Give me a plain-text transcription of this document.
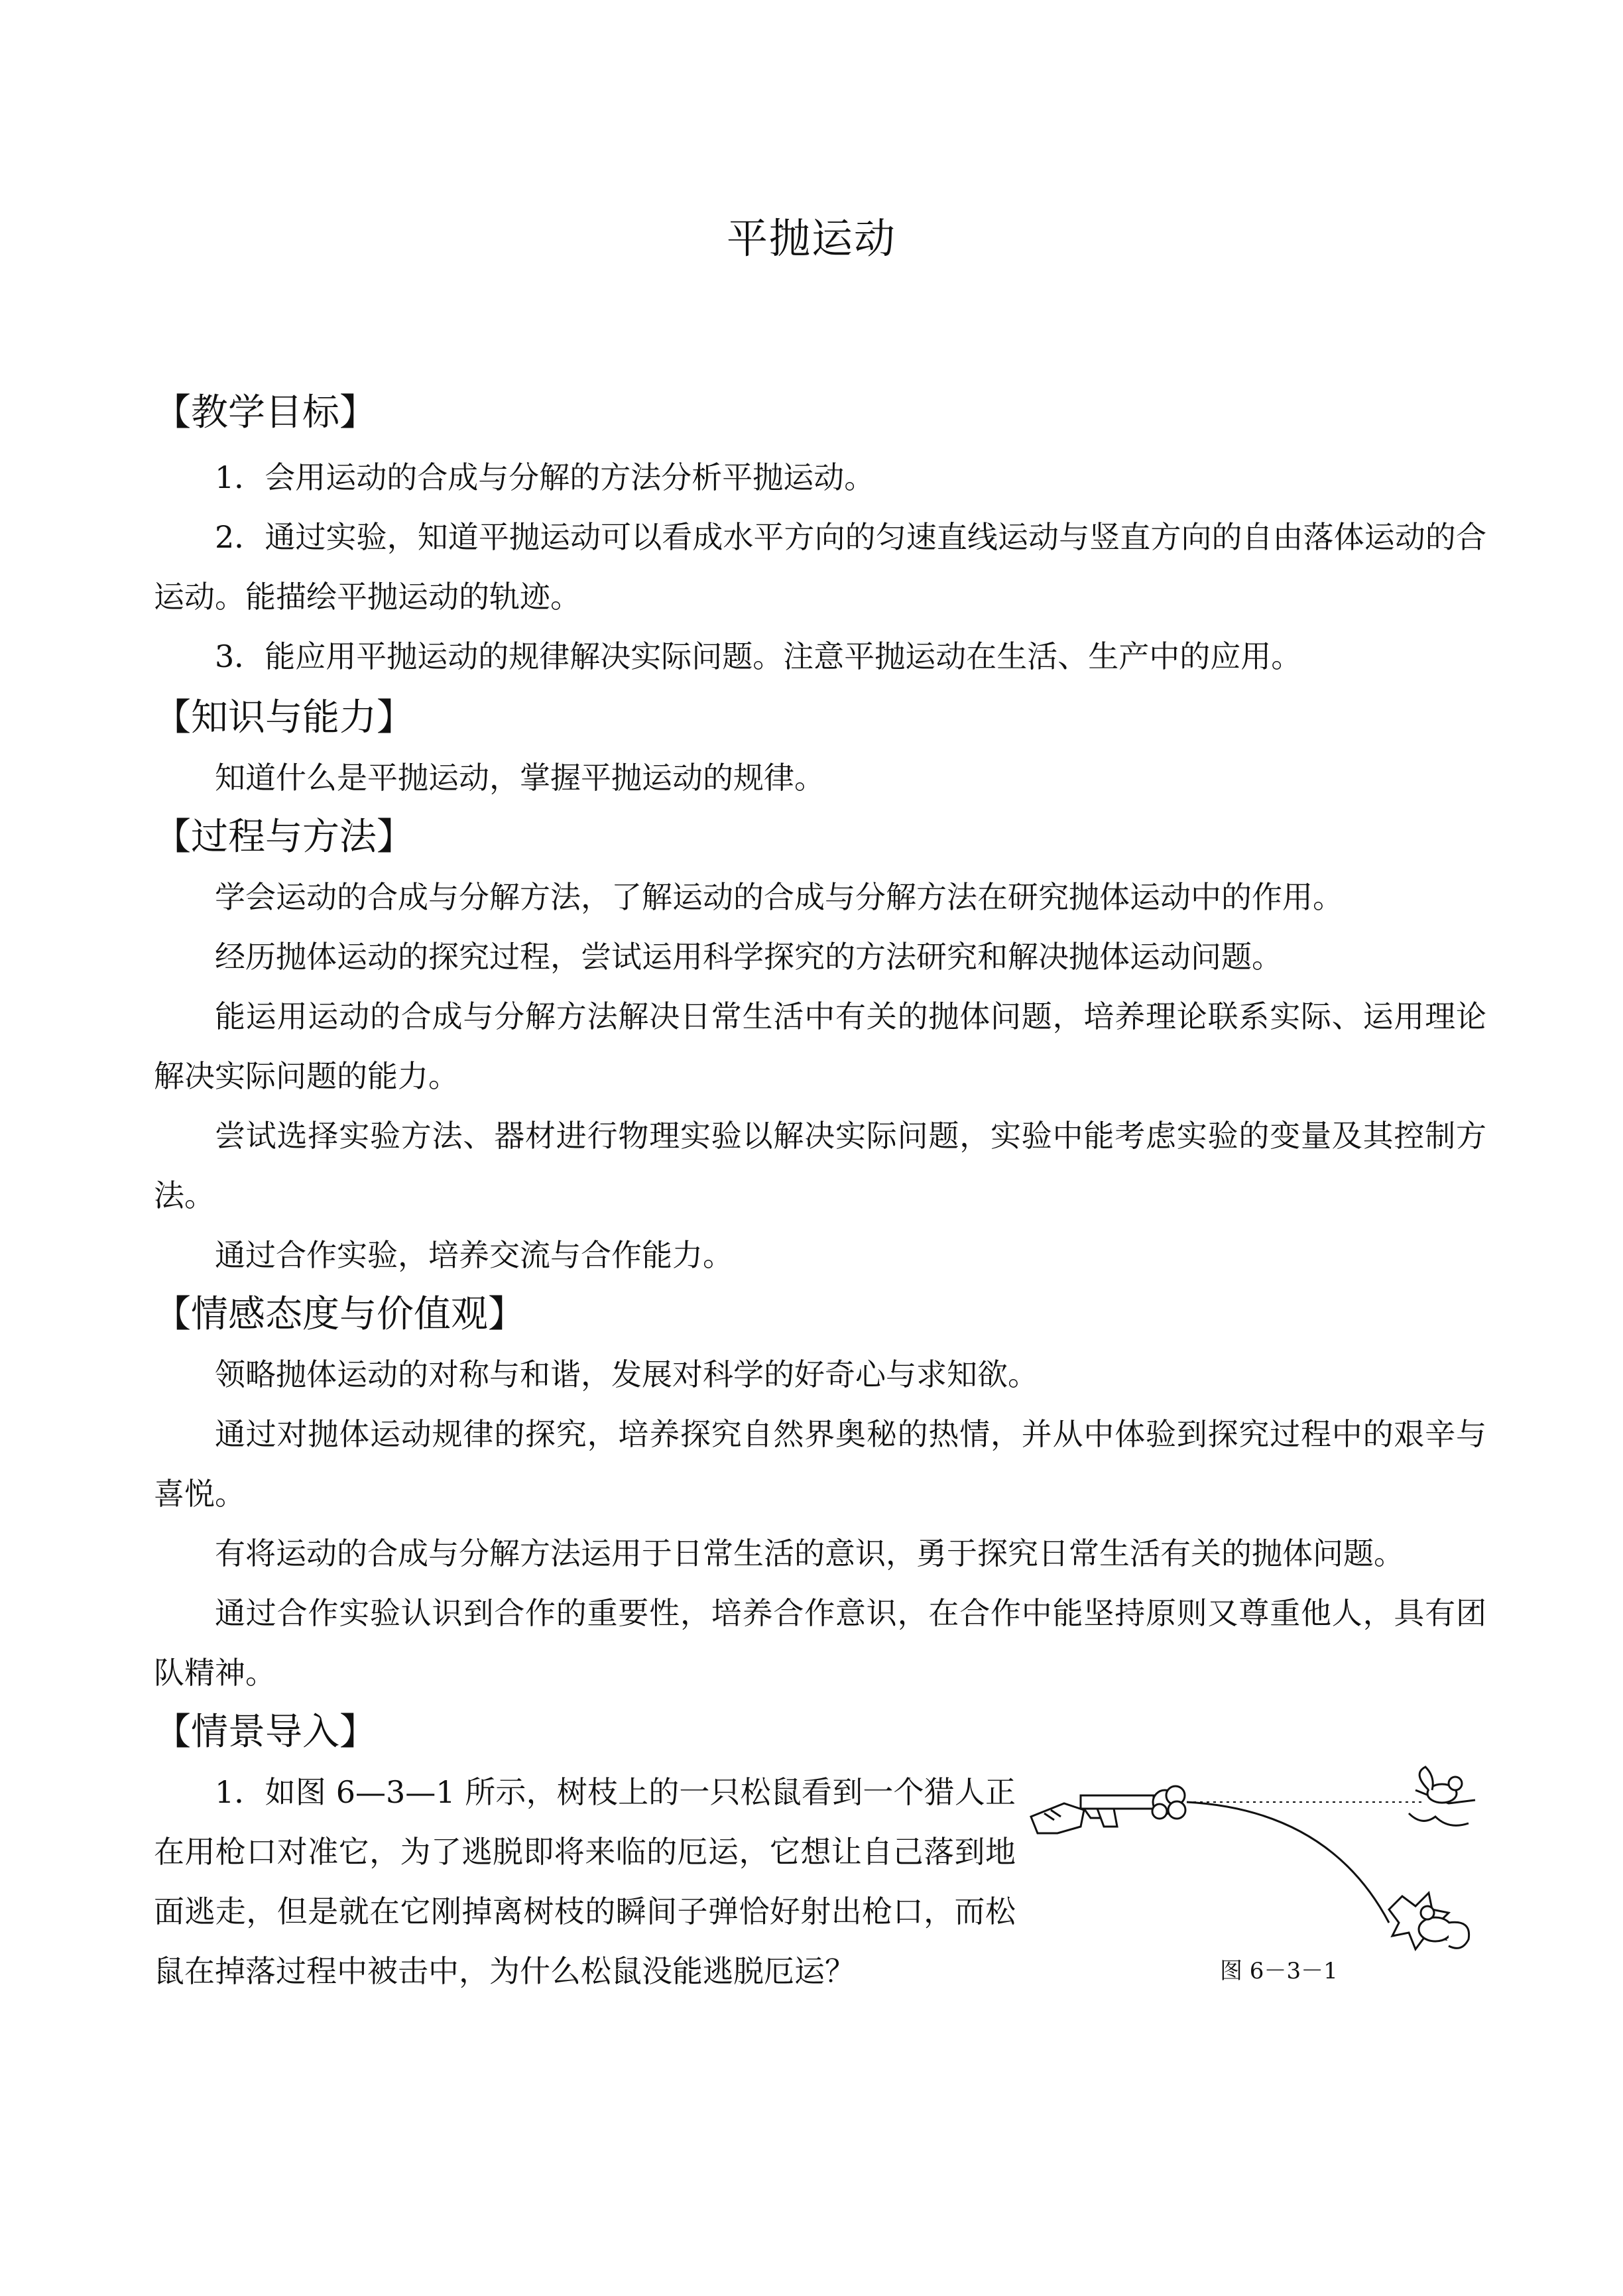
平抛运动
【教学目标】

1．会用运动的合成与分解的方法分析平抛运动。

2．通过实验，知道平抛运动可以看成水平方向的匀速直线运动与竖直方向的自由落体运动的合运动。能描绘平抛运动的轨迹。

3．能应用平抛运动的规律解决实际问题。注意平抛运动在生活、生产中的应用。

【知识与能力】

知道什么是平抛运动，掌握平抛运动的规律。

【过程与方法】

学会运动的合成与分解方法，了解运动的合成与分解方法在研究抛体运动中的作用。

经历抛体运动的探究过程，尝试运用科学探究的方法研究和解决抛体运动问题。

能运用运动的合成与分解方法解决日常生活中有关的抛体问题，培养理论联系实际、运用理论解决实际问题的能力。

尝试选择实验方法、器材进行物理实验以解决实际问题，实验中能考虑实验的变量及其控制方法。

通过合作实验，培养交流与合作能力。

【情感态度与价值观】

领略抛体运动的对称与和谐，发展对科学的好奇心与求知欲。

通过对抛体运动规律的探究，培养探究自然界奥秘的热情，并从中体验到探究过程中的艰辛与喜悦。

有将运动的合成与分解方法运用于日常生活的意识，勇于探究日常生活有关的抛体问题。

通过合作实验认识到合作的重要性，培养合作意识，在合作中能坚持原则又尊重他人，具有团队精神。

【情景导入】

1．如图 6—3—1 所示，树枝上的一只松鼠看到一个猎人正在用枪口对准它，为了逃脱即将来临的厄运，它想让自己落到地面逃走，但是就在它刚掉离树枝的瞬间子弹恰好射出枪口，而松鼠在掉落过程中被击中，为什么松鼠没能逃脱厄运？	图 6－3－1
